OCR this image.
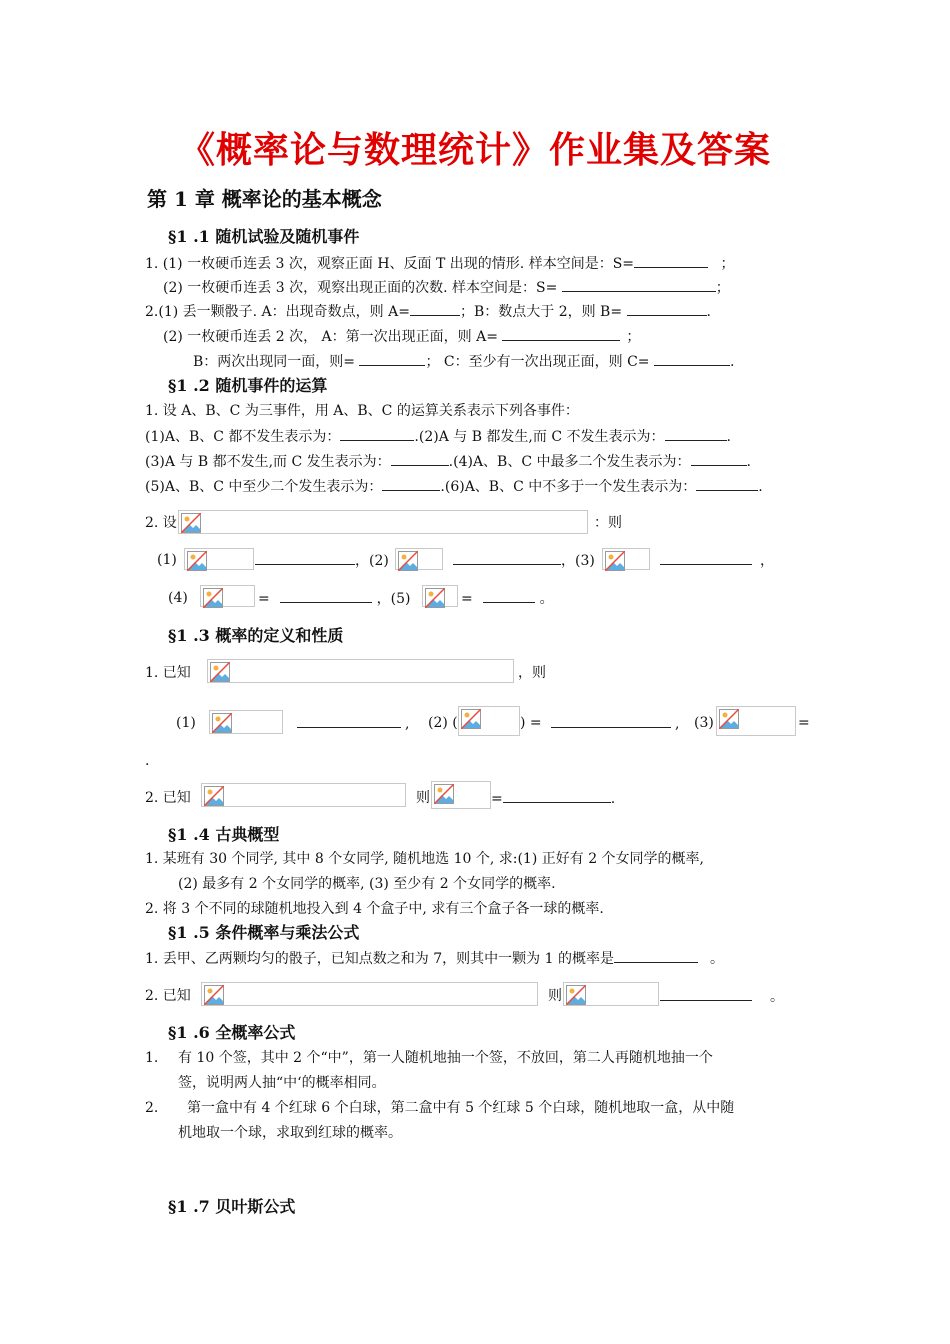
《概率论与数理统计》作业集及答案
第 1 章 概率论的基本概念
§1 .1 随机试验及随机事件
1. (1) 一枚硬币连丢 3 次，观察正面 H、反面 T 出现的情形. 样本空间是：S=	；
(2) 一枚硬币连丢 3 次，观察出现正面的次数. 样本空间是：S=	；
2.(1) 丢一颗骰子. A：出现奇数点，则 A=	；B：数点大于 2，则 B=	.
(2) 一枚硬币连丢 2 次， A：第一次出现正面，则 A=	；
B：两次出现同一面，则=	； C：至少有一次出现正面，则 C=	.
§1 .2 随机事件的运算
1. 设 A、B、C 为三事件，用 A、B、C 的运算关系表示下列各事件：
(1)A、B、C 都不发生表示为：	.(2)A 与 B 都发生,而 C 不发生表示为：	.
(3)A 与 B 都不发生,而 C 发生表示为：	.(4)A、B、C 中最多二个发生表示为：	.
(5)A、B、C 中至少二个发生表示为：	.(6)A、B、C 中不多于一个发生表示为：	.
2. 设	：则
(1)	，(2)	，(3)	，
(4)	=	，(5)	=	。
§1 .3 概率的定义和性质
1. 已知	，则
(1)	, (2) (	) =	, (3)	=
.
2. 已知	则	=	.
§1 .4 古典概型
1. 某班有 30 个同学, 其中 8 个女同学, 随机地选 10 个, 求:(1) 正好有 2 个女同学的概率,
(2) 最多有 2 个女同学的概率, (3) 至少有 2 个女同学的概率.
2. 将 3 个不同的球随机地投入到 4 个盒子中, 求有三个盒子各一球的概率.
§1 .5 条件概率与乘法公式
1. 丢甲、乙两颗均匀的骰子，已知点数之和为 7，则其中一颗为 1 的概率是	。
2. 已知	则	。
§1 .6 全概率公式
1. 有 10 个签，其中 2 个“中”，第一人随机地抽一个签，不放回，第二人再随机地抽一个
签，说明两人抽“中‘的概率相同。
2. 第一盒中有 4 个红球 6 个白球，第二盒中有 5 个红球 5 个白球，随机地取一盒，从中随
机地取一个球，求取到红球的概率。
§1 .7 贝叶斯公式
